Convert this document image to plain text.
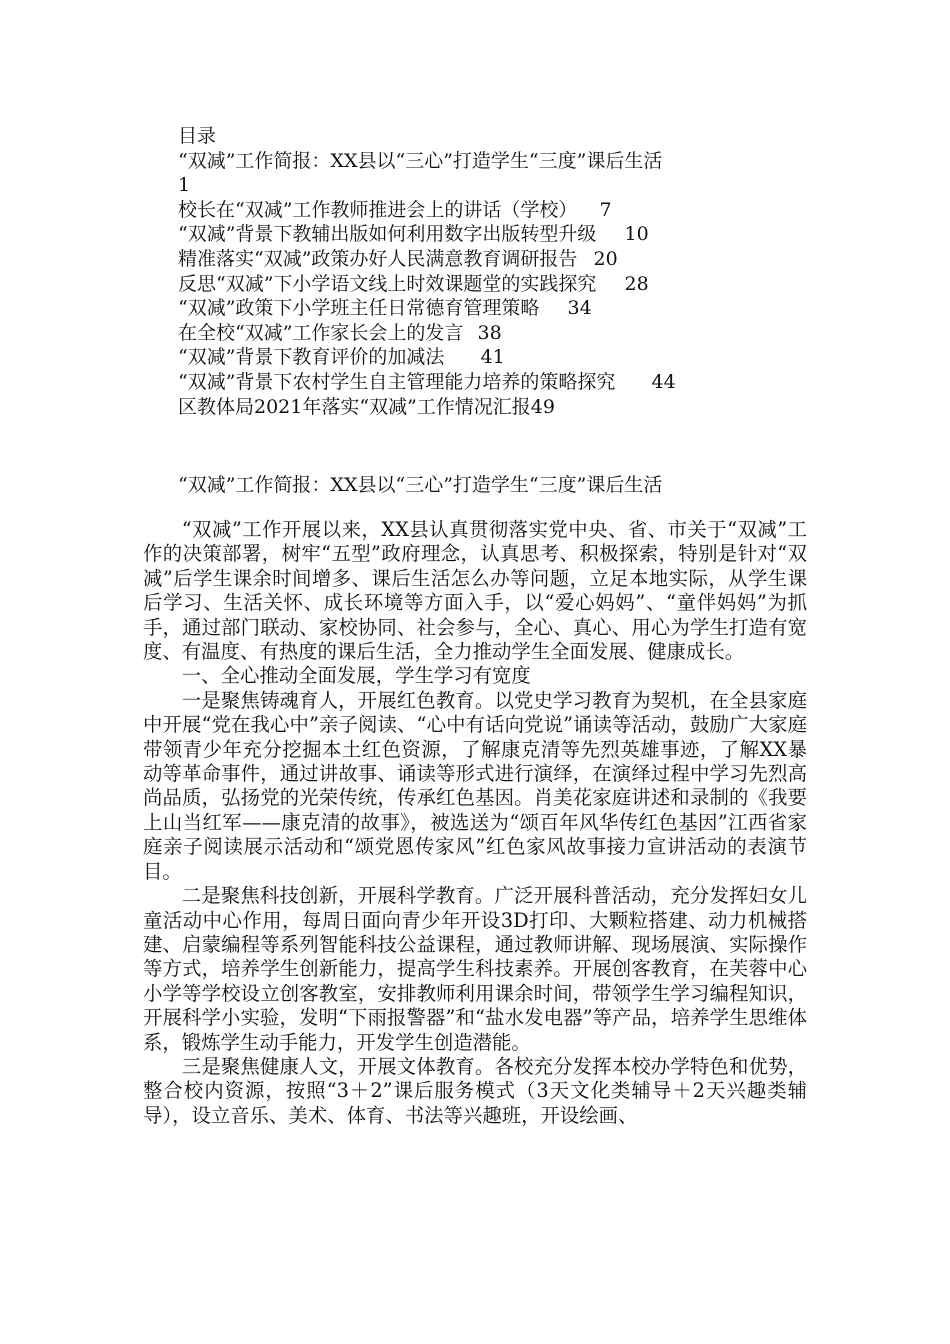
目录
“双减”工作简报：XX县以“三心”打造学生“三度”课后生活
1
校长在“双减”工作教师推进会上的讲话（学校） 7
“双减”背景下教辅出版如何利用数字出版转型升级 10
精准落实“双减”政策办好人民满意教育调研报告 20
反思“双减”下小学语文线上时效课题堂的实践探究 28
“双减”政策下小学班主任日常德育管理策略 34
在全校“双减”工作家长会上的发言 38
“双减”背景下教育评价的加减法 41
“双减”背景下农村学生自主管理能力培养的策略探究 44
区教体局2021年落实“双减”工作情况汇报49
“双减”工作简报：XX县以“三心”打造学生“三度”课后生活

“双减”工作开展以来，XX县认真贯彻落实党中央、省、市关于“双减”工作的决策部署，树牢“五型”政府理念，认真思考、积极探索，特别是针对“双减”后学生课余时间增多、课后生活怎么办等问题，立足本地实际，从学生课后学习、生活关怀、成长环境等方面入手，以“爱心妈妈”、“童伴妈妈”为抓手，通过部门联动、家校协同、社会参与，全心、真心、用心为学生打造有宽度、有温度、有热度的课后生活，全力推动学生全面发展、健康成长。

一、全心推动全面发展，学生学习有宽度

一是聚焦铸魂育人，开展红色教育。以党史学习教育为契机，在全县家庭中开展“党在我心中”亲子阅读、“心中有话向党说”诵读等活动，鼓励广大家庭带领青少年充分挖掘本土红色资源，了解康克清等先烈英雄事迹，了解XX暴动等革命事件，通过讲故事、诵读等形式进行演绎，在演绎过程中学习先烈高尚品质，弘扬党的光荣传统，传承红色基因。肖美花家庭讲述和录制的《我要上山当红军——康克清的故事》，被选送为“颂百年风华传红色基因”江西省家庭亲子阅读展示活动和“颂党恩传家风”红色家风故事接力宣讲活动的表演节目。

二是聚焦科技创新，开展科学教育。广泛开展科普活动，充分发挥妇女儿童活动中心作用，每周日面向青少年开设3D打印、大颗粒搭建、动力机械搭建、启蒙编程等系列智能科技公益课程，通过教师讲解、现场展演、实际操作等方式，培养学生创新能力，提高学生科技素养。开展创客教育，在芙蓉中心小学等学校设立创客教室，安排教师利用课余时间，带领学生学习编程知识，开展科学小实验，发明“下雨报警器”和“盐水发电器”等产品，培养学生思维体系，锻炼学生动手能力，开发学生创造潜能。

三是聚焦健康人文，开展文体教育。各校充分发挥本校办学特色和优势，整合校内资源，按照“3＋2”课后服务模式（3天文化类辅导＋2天兴趣类辅导），设立音乐、美术、体育、书法等兴趣班，开设绘画、
